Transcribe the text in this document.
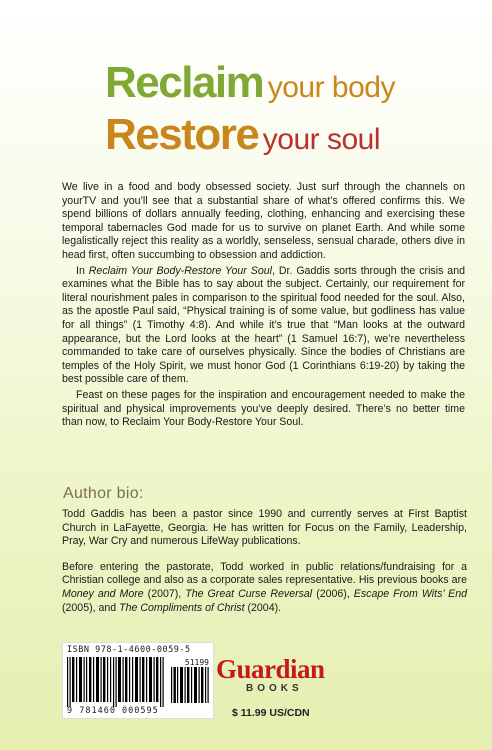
Reclaim your body
Restore your soul

We live in a food and body obsessed society. Just surf through the channels on yourTV and you’ll see that a substantial share of what’s offered confirms this. We spend billions of dollars annually feeding, clothing, enhancing and exercising these temporal tabernacles God made for us to survive on planet Earth. And while some legalistically reject this reality as a worldly, senseless, sensual charade, others dive in head first, often succumbing to obsession and addiction.

In Reclaim Your Body-Restore Your Soul, Dr. Gaddis sorts through the crisis and examines what the Bible has to say about the subject. Certainly, our requirement for literal nourishment pales in comparison to the spiritual food needed for the soul. Also, as the apostle Paul said, “Physical training is of some value, but godliness has value for all things” (1 Timothy 4:8). And while it’s true that “Man looks at the outward appearance, but the Lord looks at the heart” (1 Samuel 16:7), we’re nevertheless commanded to take care of ourselves physically. Since the bodies of Christians are temples of the Holy Spirit, we must honor God (1 Corinthians 6:19-20) by taking the best possible care of them.

Feast on these pages for the inspiration and encouragement needed to make the spiritual and physical improvements you’ve deeply desired. There’s no better time than now, to Reclaim Your Body-Restore Your Soul.

Author bio:

Todd Gaddis has been a pastor since 1990 and currently serves at First Baptist Church in LaFayette, Georgia. He has written for Focus on the Family, Leadership, Pray, War Cry and numerous LifeWay publications.

Before entering the pastorate, Todd worked in public relations/fundraising for a Christian college and also as a corporate sales representative. His previous books are Money and More (2007), The Great Curse Reversal (2006), Escape From Wits’ End (2005), and The Compliments of Christ (2004).

ISBN 978-1-4600-0059-5
51199
9 781460 000595
Guardian
BOOKS
$ 11.99 US/CDN
